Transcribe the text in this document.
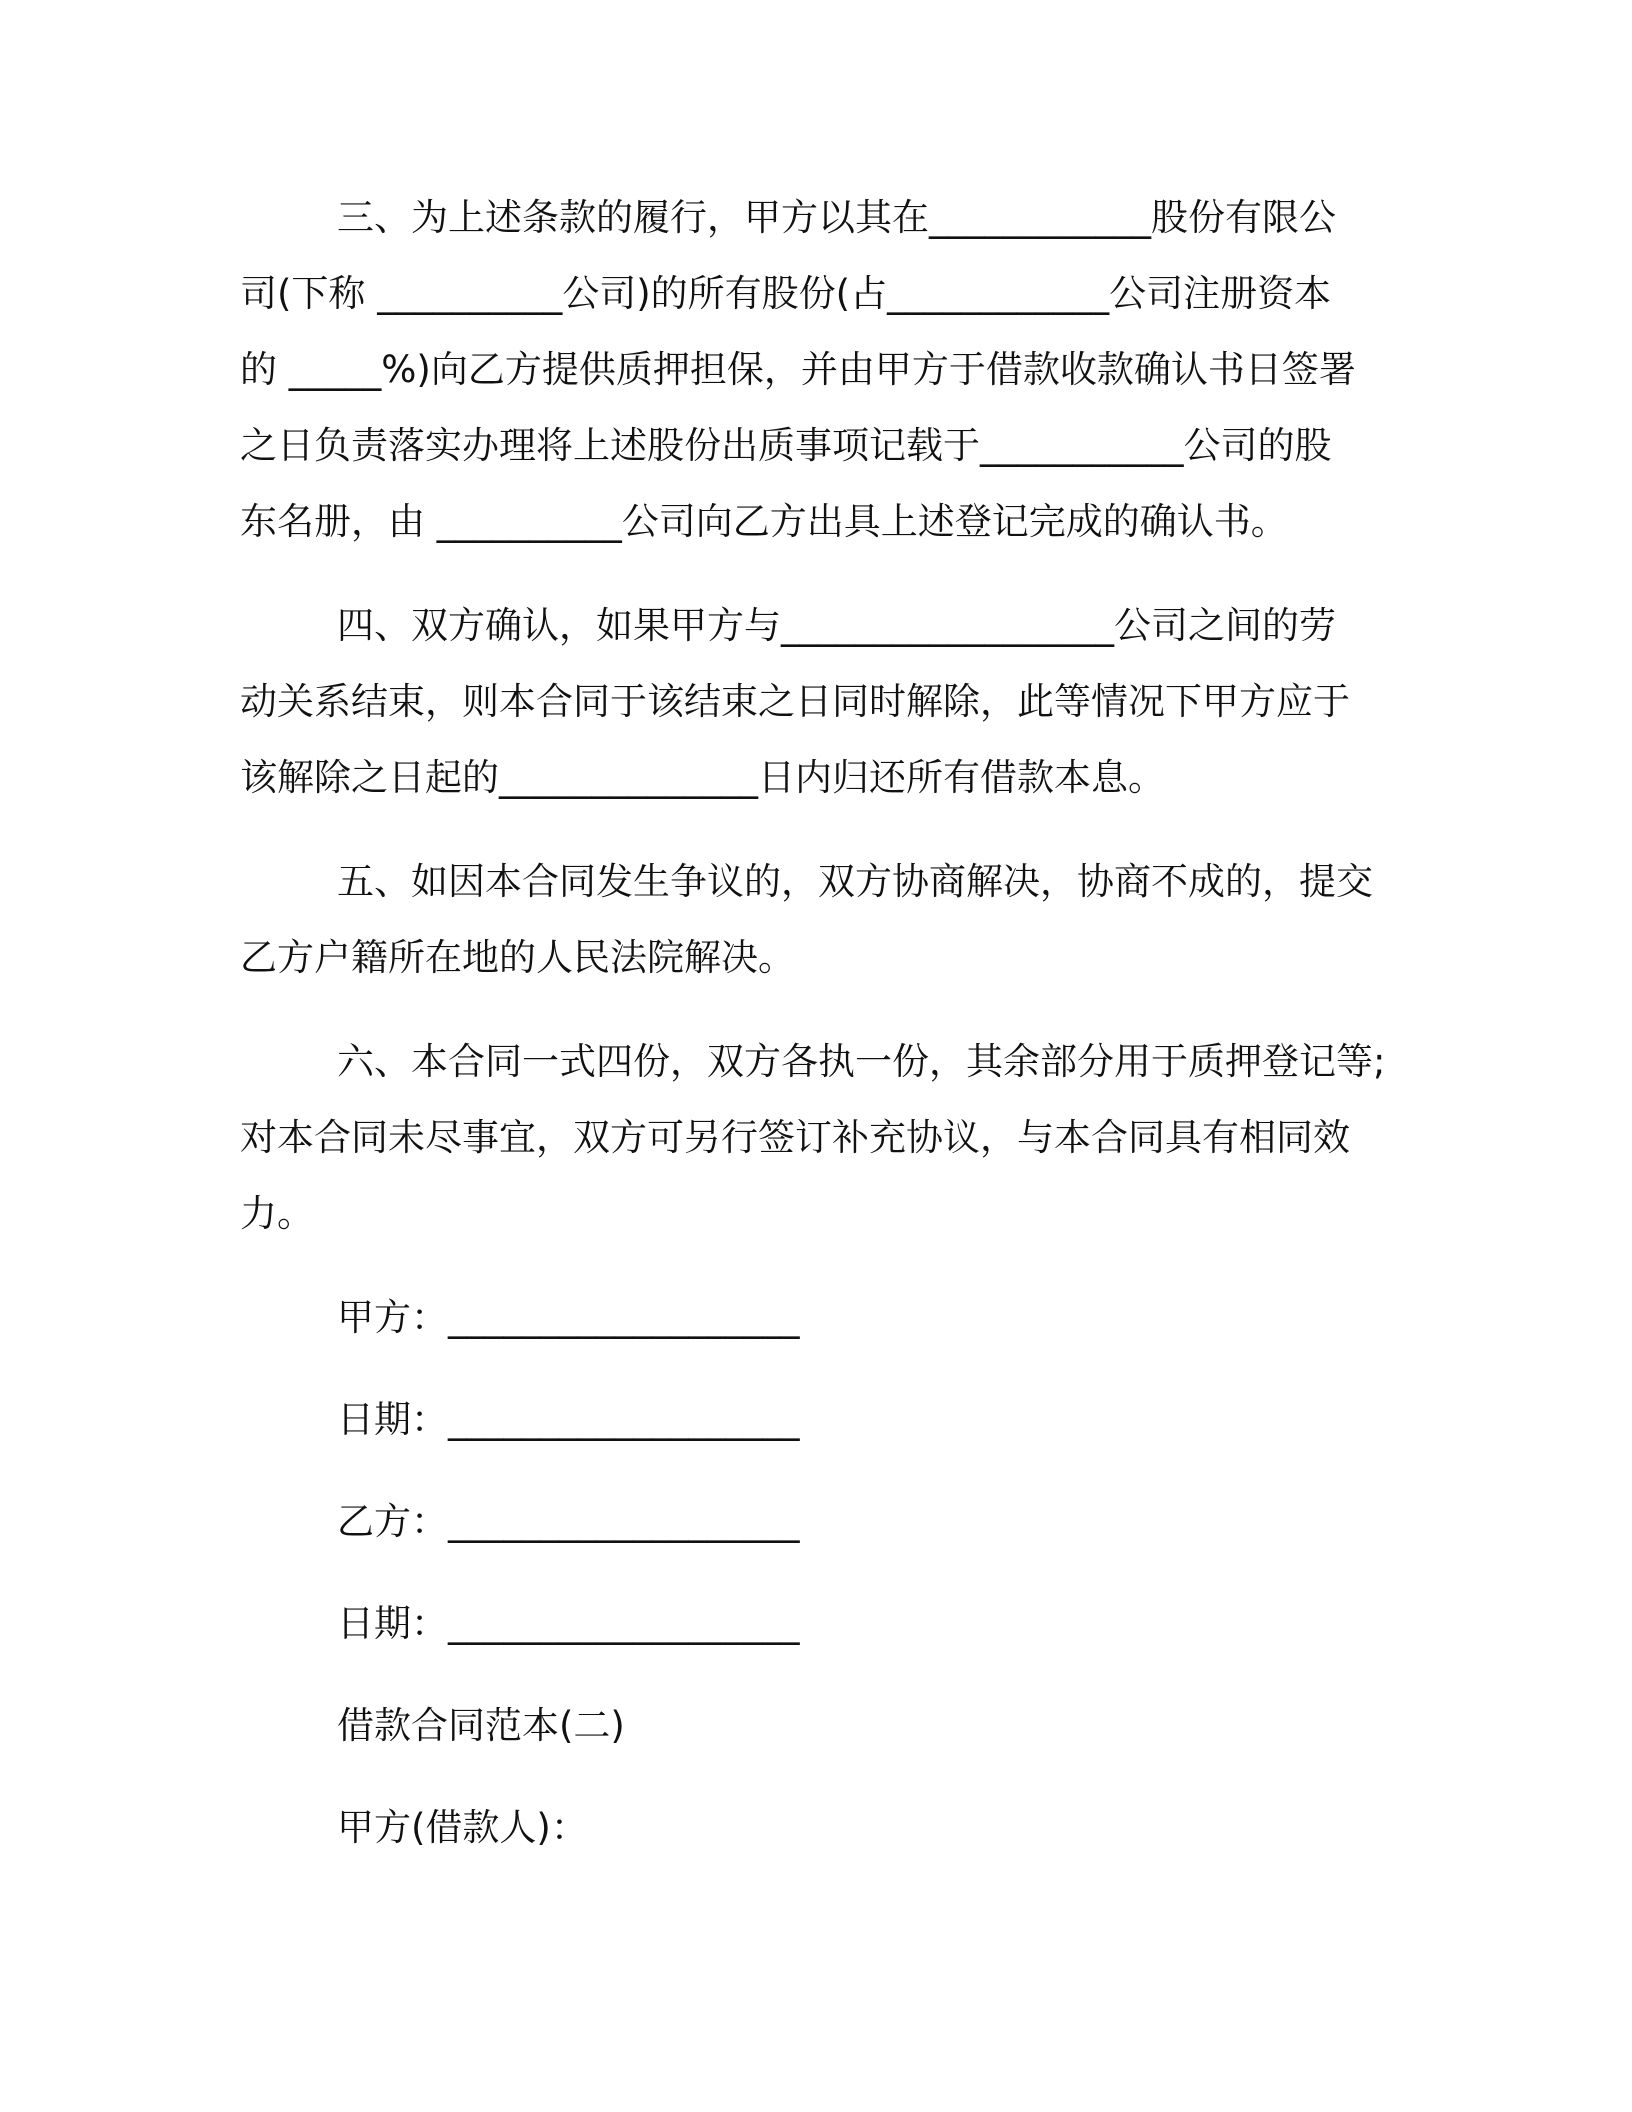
三、为上述条款的履行，甲方以其在____________股份有限公
司(下称 __________公司)的所有股份(占____________公司注册资本
的 _____%)向乙方提供质押担保，并由甲方于借款收款确认书日签署
之日负责落实办理将上述股份出质事项记载于___________公司的股
东名册，由 __________公司向乙方出具上述登记完成的确认书。
四、双方确认，如果甲方与__________________公司之间的劳
动关系结束，则本合同于该结束之日同时解除，此等情况下甲方应于
该解除之日起的______________日内归还所有借款本息。
五、如因本合同发生争议的，双方协商解决，协商不成的，提交
乙方户籍所在地的人民法院解决。
六、本合同一式四份，双方各执一份，其余部分用于质押登记等;
对本合同未尽事宜，双方可另行签订补充协议，与本合同具有相同效
力。
甲方：___________________
日期：___________________
乙方：___________________
日期：___________________
借款合同范本(二)
甲方(借款人)：
